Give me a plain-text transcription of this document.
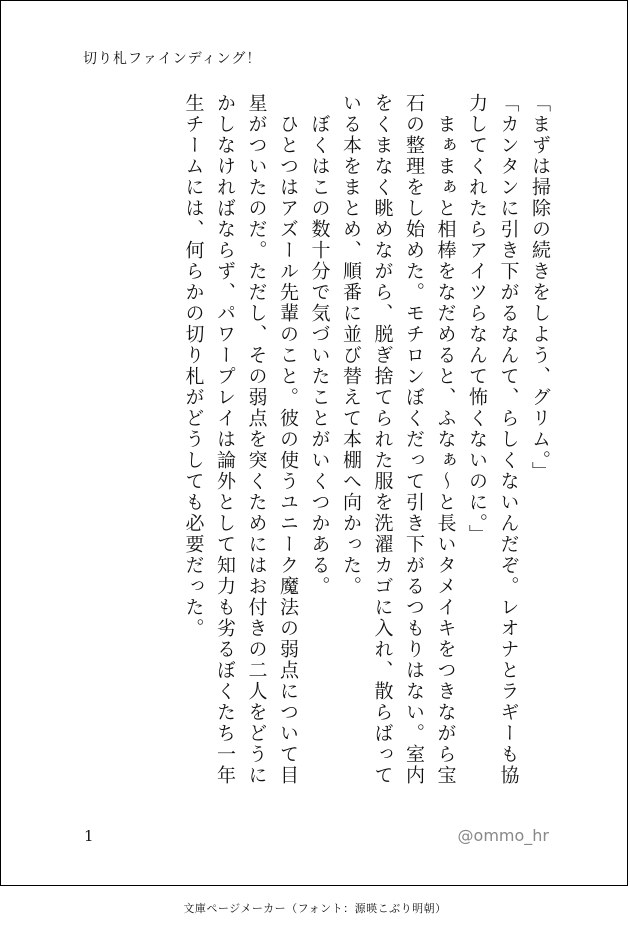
切り札ファインディング！

「まずは掃除の続きをしよう、グリム。」

「カンタンに引き下がるなんて、らしくないんだぞ。レオナとラギーも協力してくれたらアイツらなんて怖くないのに。」

　まぁまぁと相棒をなだめると、ふなぁ〜と長いタメイキをつきながら宝石の整理をし始めた。モチロンぼくだって引き下がるつもりはない。室内をくまなく眺めながら、脱ぎ捨てられた服を洗濯カゴに入れ、散らばっている本をまとめ、順番に並び替えて本棚へ向かった。

　ぼくはこの数十分で気づいたことがいくつかある。

　ひとつはアズール先輩のこと。彼の使うユニーク魔法の弱点について目星がついたのだ。ただし、その弱点を突くためにはお付きの二人をどうにかしなければならず、パワープレイは論外として知力も劣るぼくたち一年生チームには、何らかの切り札がどうしても必要だった。

1	@ommo_hr
文庫ページメーカー（フォント：源暎こぶり明朝）
